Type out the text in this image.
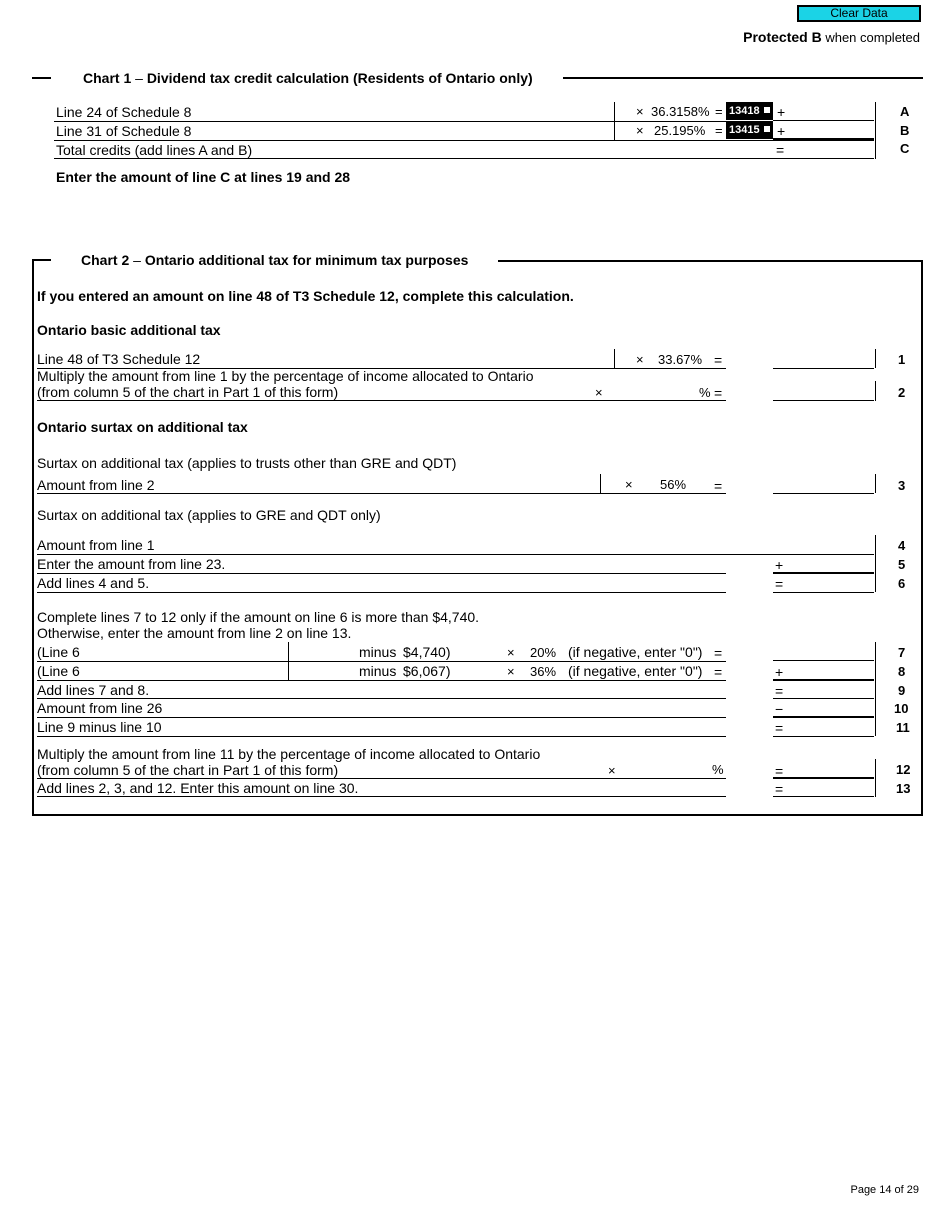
Clear Data
Protected B when completed
Chart 1 – Dividend tax credit calculation (Residents of Ontario only)
Line 24 of Schedule 8	× 36.3158% = 13418	+	A
Line 31 of Schedule 8	× 25.195% = 13415	+	B
Total credits (add lines A and B)	=	C
Enter the amount of line C at lines 19 and 28
Chart 2 – Ontario additional tax for minimum tax purposes
If you entered an amount on line 48 of T3 Schedule 12, complete this calculation.
Ontario basic additional tax
Line 48 of T3 Schedule 12	× 33.67% =	1
Multiply the amount from line 1 by the percentage of income allocated to Ontario
(from column 5 of the chart in Part 1 of this form)	×	% =	2
Ontario surtax on additional tax
Surtax on additional tax (applies to trusts other than GRE and QDT)
Amount from line 2	× 56% =	3
Surtax on additional tax (applies to GRE and QDT only)
Amount from line 1	4
Enter the amount from line 23.	+	5
Add lines 4 and 5.	=	6
Complete lines 7 to 12 only if the amount on line 6 is more than $4,740.
Otherwise, enter the amount from line 2 on line 13.
(Line 6	minus $4,740)	× 20% (if negative, enter "0") =	7
(Line 6	minus $6,067)	× 36% (if negative, enter "0") =	+	8
Add lines 7 and 8.	=	9
Amount from line 26	−	10
Line 9 minus line 10	=	11
Multiply the amount from line 11 by the percentage of income allocated to Ontario
(from column 5 of the chart in Part 1 of this form)	×	%	=	12
Add lines 2, 3, and 12. Enter this amount on line 30.	=	13
Page 14 of 29
